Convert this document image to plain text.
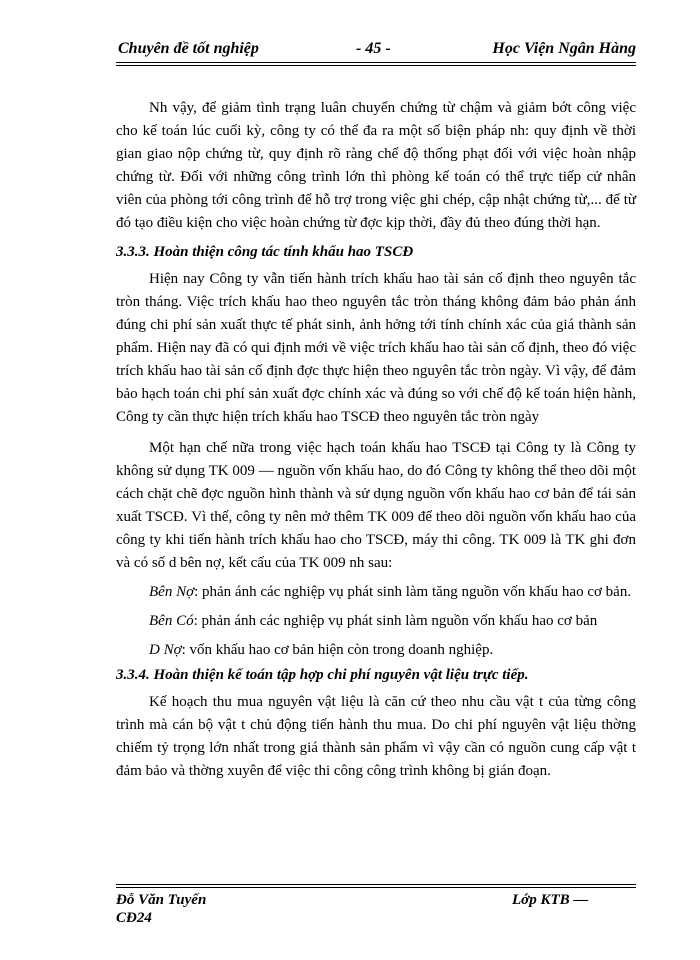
Chuyên đề tốt nghiệp	- 45 -	Học Viện Ngân Hàng

Nh vậy, để giảm tình trạng luân chuyển chứng từ chậm và giảm bớt công việc cho kế toán lúc cuối kỳ, công ty có thể đa ra một số biện pháp nh: quy định về thời gian giao nộp chứng từ, quy định rõ ràng chế độ thống phạt đối với việc hoàn nhập chứng từ. Đối với những công trình lớn thì phòng kế toán có thể trực tiếp cử nhân viên của phòng tới công trình để hỗ trợ trong việc ghi chép, cập nhật chứng từ,... để từ đó tạo điều kiện cho việc hoàn chứng từ đợc kịp thời, đầy đủ theo đúng thời hạn.

3.3.3. Hoàn thiện công tác tính khấu hao TSCĐ

Hiện nay Công ty vẫn tiến hành trích khấu hao tài sản cố định theo nguyên tắc tròn tháng. Việc trích khấu hao theo nguyên tắc tròn tháng không đảm bảo phản ánh đúng chi phí sản xuất thực tế phát sinh, ảnh hởng tới tính chính xác của giá thành sản phẩm. Hiện nay đã có qui định mới về việc trích khấu hao tài sản cố định, theo đó việc trích khấu hao tài sản cố định đợc thực hiện theo nguyên tắc tròn ngày. Vì vậy, để đảm bảo hạch toán chi phí sản xuất đợc chính xác và đúng so với chế độ kế toán hiện hành, Công ty cần thực hiện trích khấu hao TSCĐ theo nguyên tắc tròn ngày

Một hạn chế nữa trong việc hạch toán khấu hao TSCĐ tại Công ty là Công ty không sử dụng TK 009 — nguồn vốn khấu hao, do đó Công ty không thể theo dõi một cách chặt chẽ đợc nguồn hình thành và sử dụng nguồn vốn khấu hao cơ bản để tái sản xuất TSCĐ. Vì thế, công ty nên mở thêm TK 009 để theo dõi nguồn vốn khấu hao của công ty khi tiến hành trích khấu hao cho TSCĐ, máy thi công. TK 009 là TK ghi đơn và có số d bên nợ, kết cấu của TK 009 nh sau:

Bên Nợ: phản ánh các nghiệp vụ phát sinh làm tăng nguồn vốn khấu hao cơ bản.

Bên Có: phản ánh các nghiệp vụ phát sinh làm nguồn vốn khấu hao cơ bản

D Nợ: vốn khấu hao cơ bản hiện còn trong doanh nghiệp.

3.3.4. Hoàn thiện kế toán tập hợp chi phí nguyên vật liệu trực tiếp.

Kế hoạch thu mua nguyên vật liệu là căn cứ theo nhu cầu vật t của từng công trình mà cán bộ vật t chủ động tiến hành thu mua. Do chi phí nguyên vật liệu thờng chiếm tỷ trọng lớn nhất trong giá thành sản phẩm vì vậy cần có nguồn cung cấp vật t đảm bảo và thờng xuyên để việc thi công công trình không bị gián đoạn.

Đỗ Văn Tuyến
CĐ24
Lớp KTB —
